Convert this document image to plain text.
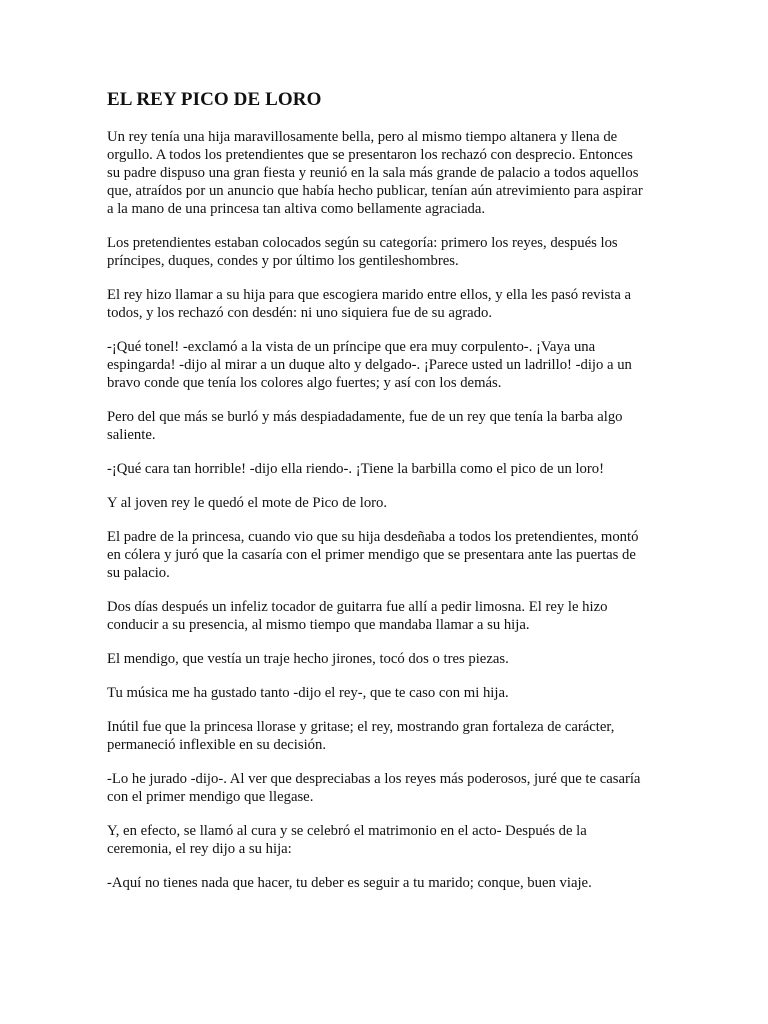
EL REY PICO DE LORO

Un rey tenía una hija maravillosamente bella, pero al mismo tiempo altanera y llena de
orgullo. A todos los pretendientes que se presentaron los rechazó con desprecio. Entonces
su padre dispuso una gran fiesta y reunió en la sala más grande de palacio a todos aquellos
que, atraídos por un anuncio que había hecho publicar, tenían aún atrevimiento para aspirar
a la mano de una princesa tan altiva como bellamente agraciada.

Los pretendientes estaban colocados según su categoría: primero los reyes, después los
príncipes, duques, condes y por último los gentileshombres.

El rey hizo llamar a su hija para que escogiera marido entre ellos, y ella les pasó revista a
todos, y los rechazó con desdén: ni uno siquiera fue de su agrado.

-¡Qué tonel! -exclamó a la vista de un príncipe que era muy corpulento-. ¡Vaya una
espingarda! -dijo al mirar a un duque alto y delgado-. ¡Parece usted un ladrillo! -dijo a un
bravo conde que tenía los colores algo fuertes; y así con los demás.

Pero del que más se burló y más despiadadamente, fue de un rey que tenía la barba algo
saliente.

-¡Qué cara tan horrible! -dijo ella riendo-. ¡Tiene la barbilla como el pico de un loro!

Y al joven rey le quedó el mote de Pico de loro.

El padre de la princesa, cuando vio que su hija desdeñaba a todos los pretendientes, montó
en cólera y juró que la casaría con el primer mendigo que se presentara ante las puertas de
su palacio.

Dos días después un infeliz tocador de guitarra fue allí a pedir limosna. El rey le hizo
conducir a su presencia, al mismo tiempo que mandaba llamar a su hija.

El mendigo, que vestía un traje hecho jirones, tocó dos o tres piezas.

Tu música me ha gustado tanto -dijo el rey-, que te caso con mi hija.

Inútil fue que la princesa llorase y gritase; el rey, mostrando gran fortaleza de carácter,
permaneció inflexible en su decisión.

-Lo he jurado -dijo-. Al ver que despreciabas a los reyes más poderosos, juré que te casaría
con el primer mendigo que llegase.

Y, en efecto, se llamó al cura y se celebró el matrimonio en el acto- Después de la
ceremonia, el rey dijo a su hija:

-Aquí no tienes nada que hacer, tu deber es seguir a tu marido; conque, buen viaje.
